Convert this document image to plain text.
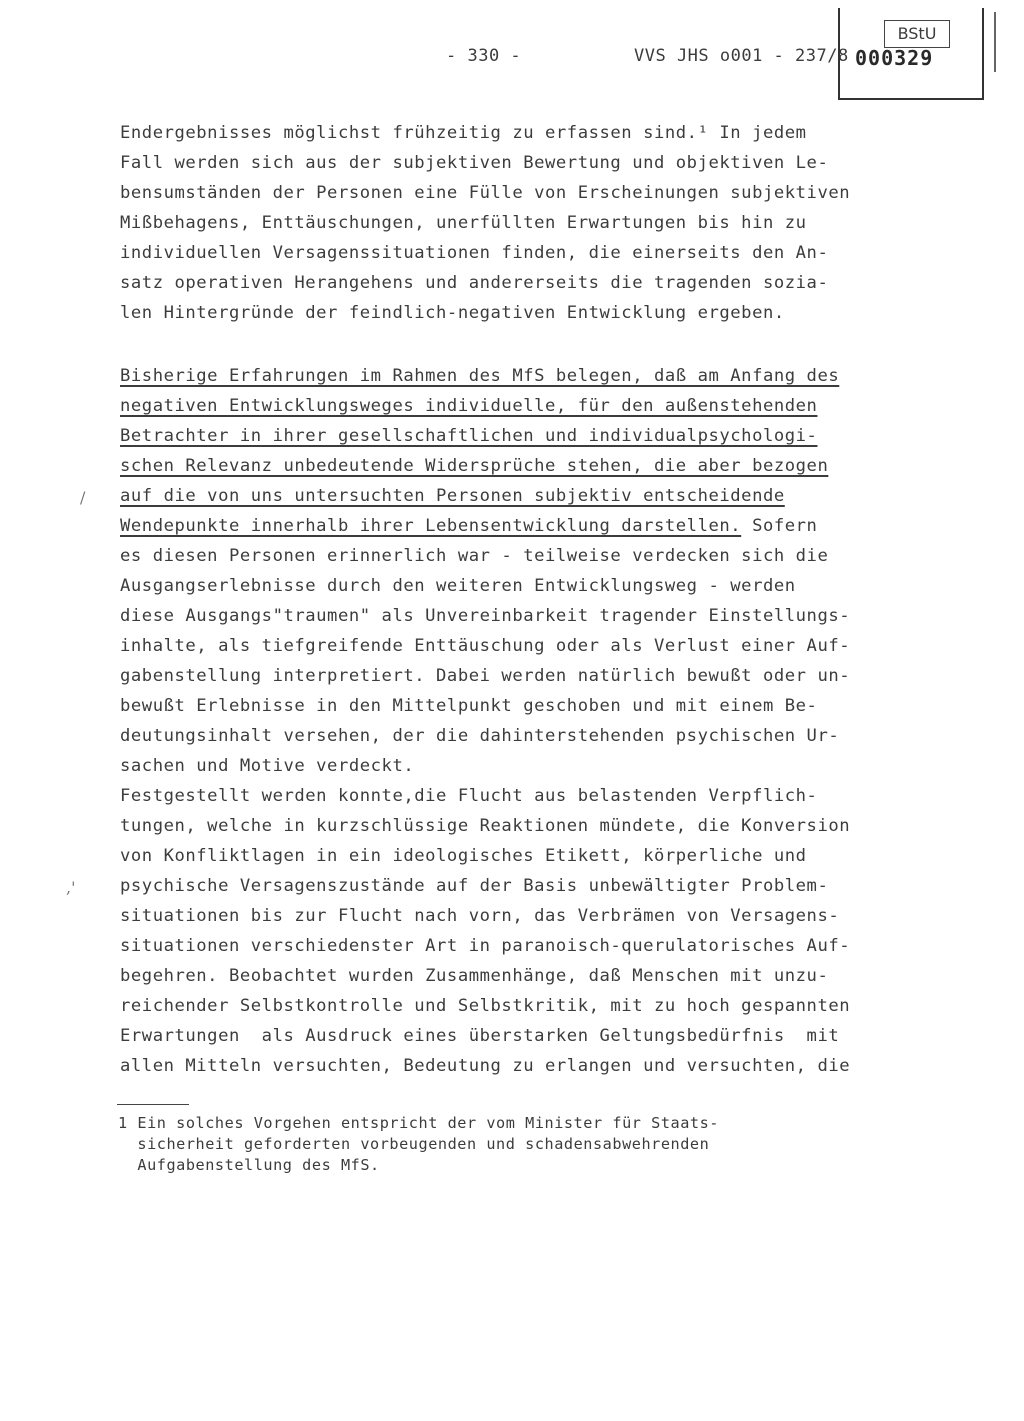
- 330 -	VVS JHS o001 - 237/8
BStU
000329
Endergebnisses möglichst frühzeitig zu erfassen sind.¹ In jedem
Fall werden sich aus der subjektiven Bewertung und objektiven Le-
bensumständen der Personen eine Fülle von Erscheinungen subjektiven
Mißbehagens, Enttäuschungen, unerfüllten Erwartungen bis hin zu
individuellen Versagenssituationen finden, die einerseits den An-
satz operativen Herangehens und andererseits die tragenden sozia-
len Hintergründe der feindlich-negativen Entwicklung ergeben.
Bisherige Erfahrungen im Rahmen des MfS belegen, daß am Anfang des
negativen Entwicklungsweges individuelle, für den außenstehenden
Betrachter in ihrer gesellschaftlichen und individualpsychologi-
schen Relevanz unbedeutende Widersprüche stehen, die aber bezogen
auf die von uns untersuchten Personen subjektiv entscheidende
Wendepunkte innerhalb ihrer Lebensentwicklung darstellen. Sofern
es diesen Personen erinnerlich war - teilweise verdecken sich die
Ausgangserlebnisse durch den weiteren Entwicklungsweg - werden
diese Ausgangs"traumen" als Unvereinbarkeit tragender Einstellungs-
inhalte, als tiefgreifende Enttäuschung oder als Verlust einer Auf-
gabenstellung interpretiert. Dabei werden natürlich bewußt oder un-
bewußt Erlebnisse in den Mittelpunkt geschoben und mit einem Be-
deutungsinhalt versehen, der die dahinterstehenden psychischen Ur-
sachen und Motive verdeckt.
Festgestellt werden konnte,die Flucht aus belastenden Verpflich-
tungen, welche in kurzschlüssige Reaktionen mündete, die Konversion
von Konfliktlagen in ein ideologisches Etikett, körperliche und
psychische Versagenszustände auf der Basis unbewältigter Problem-
situationen bis zur Flucht nach vorn, das Verbrämen von Versagens-
situationen verschiedenster Art in paranoisch-querulatorisches Auf-
begehren. Beobachtet wurden Zusammenhänge, daß Menschen mit unzu-
reichender Selbstkontrolle und Selbstkritik, mit zu hoch gespannten
Erwartungen  als Ausdruck eines überstarken Geltungsbedürfnis  mit
allen Mitteln versuchten, Bedeutung zu erlangen und versuchten, die
/
,'
1 Ein solches Vorgehen entspricht der vom Minister für Staats-
sicherheit geforderten vorbeugenden und schadensabwehrenden
Aufgabenstellung des MfS.
